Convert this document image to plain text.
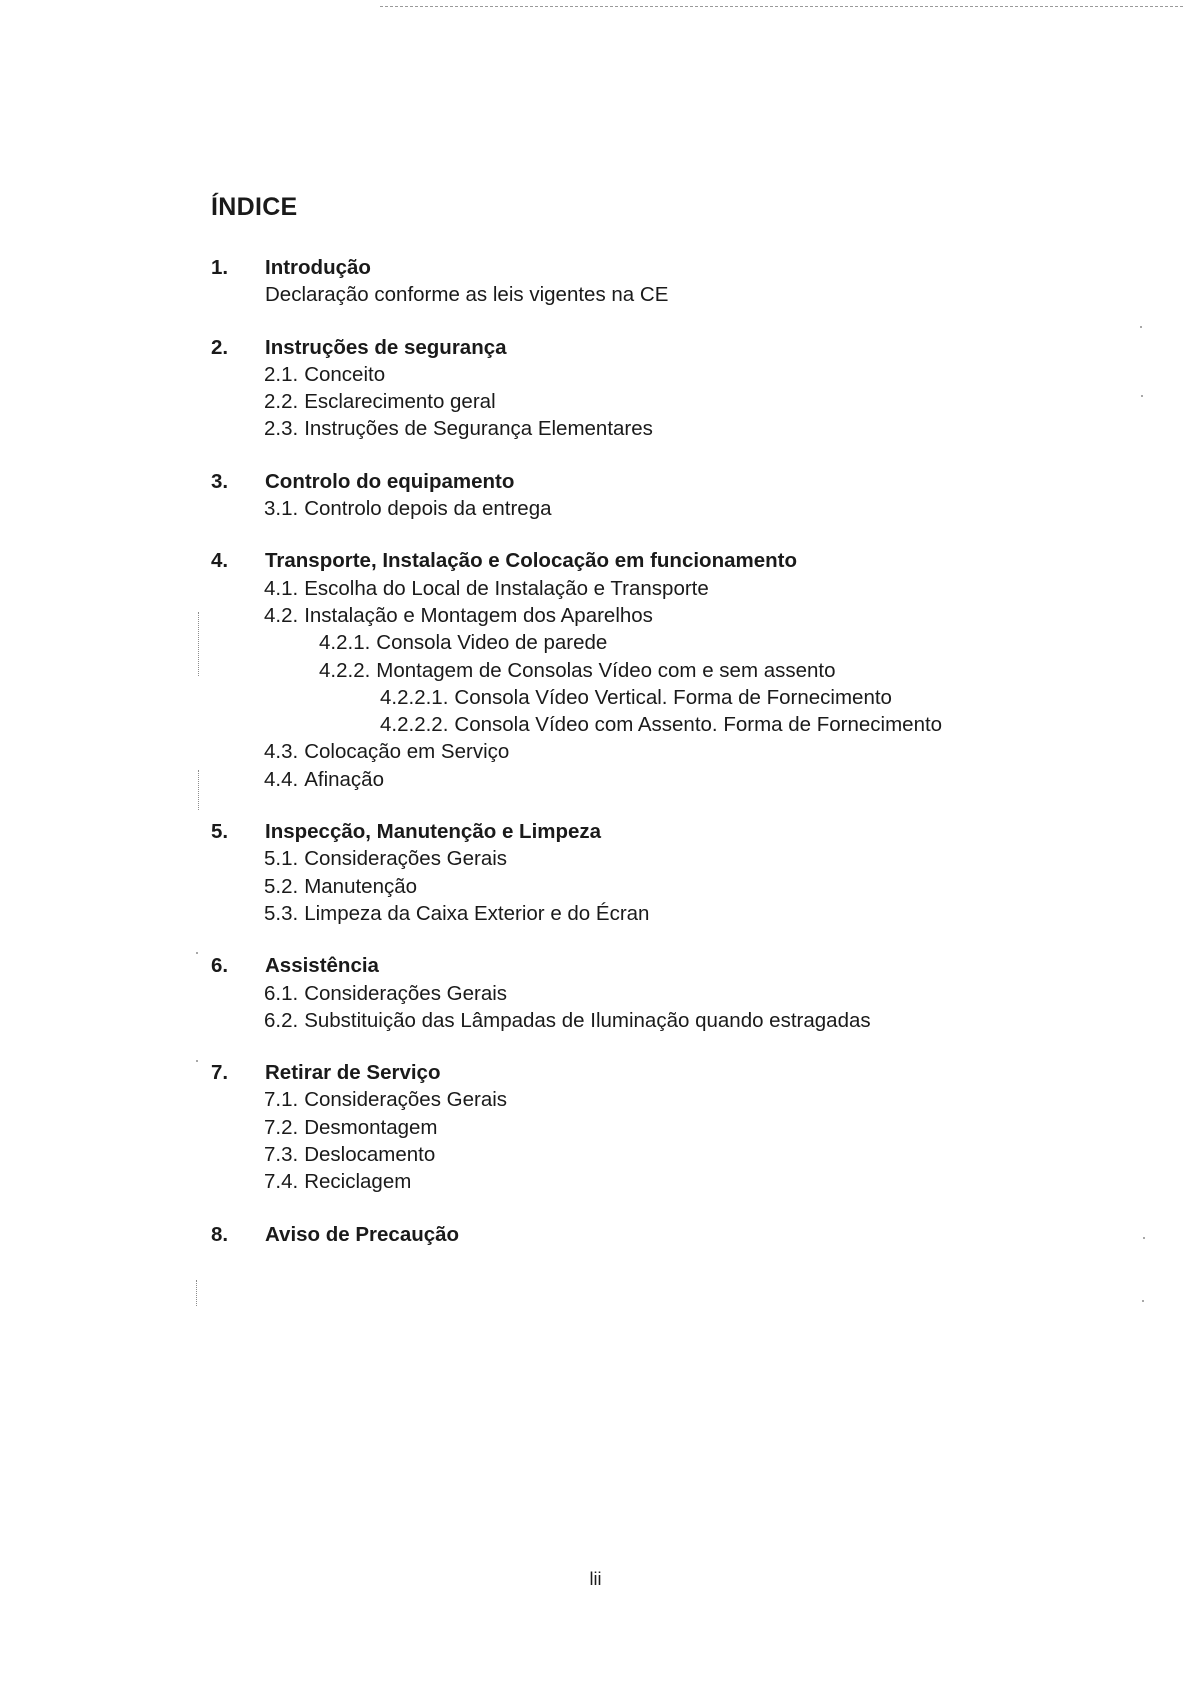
ÍNDICE
1.	Introdução
Declaração conforme as leis vigentes na CE
2.	Instruções de segurança
2.1. Conceito
2.2. Esclarecimento geral
2.3. Instruções de Segurança Elementares
3.	Controlo do equipamento
3.1. Controlo depois da entrega
4.	Transporte, Instalação e Colocação em funcionamento
4.1. Escolha do Local de Instalação e Transporte
4.2. Instalação e Montagem dos Aparelhos
4.2.1. Consola Video de parede
4.2.2. Montagem de Consolas Vídeo com e sem assento
4.2.2.1. Consola Vídeo Vertical. Forma de Fornecimento
4.2.2.2. Consola Vídeo com Assento. Forma de Fornecimento
4.3. Colocação em Serviço
4.4. Afinação
5.	Inspecção, Manutenção e Limpeza
5.1. Considerações Gerais
5.2. Manutenção
5.3. Limpeza da Caixa Exterior e do Écran
6.	Assistência
6.1. Considerações Gerais
6.2. Substituição das Lâmpadas de Iluminação quando estragadas
7.	Retirar de Serviço
7.1. Considerações Gerais
7.2. Desmontagem
7.3. Deslocamento
7.4. Reciclagem
8.	Aviso de Precaução
lii
